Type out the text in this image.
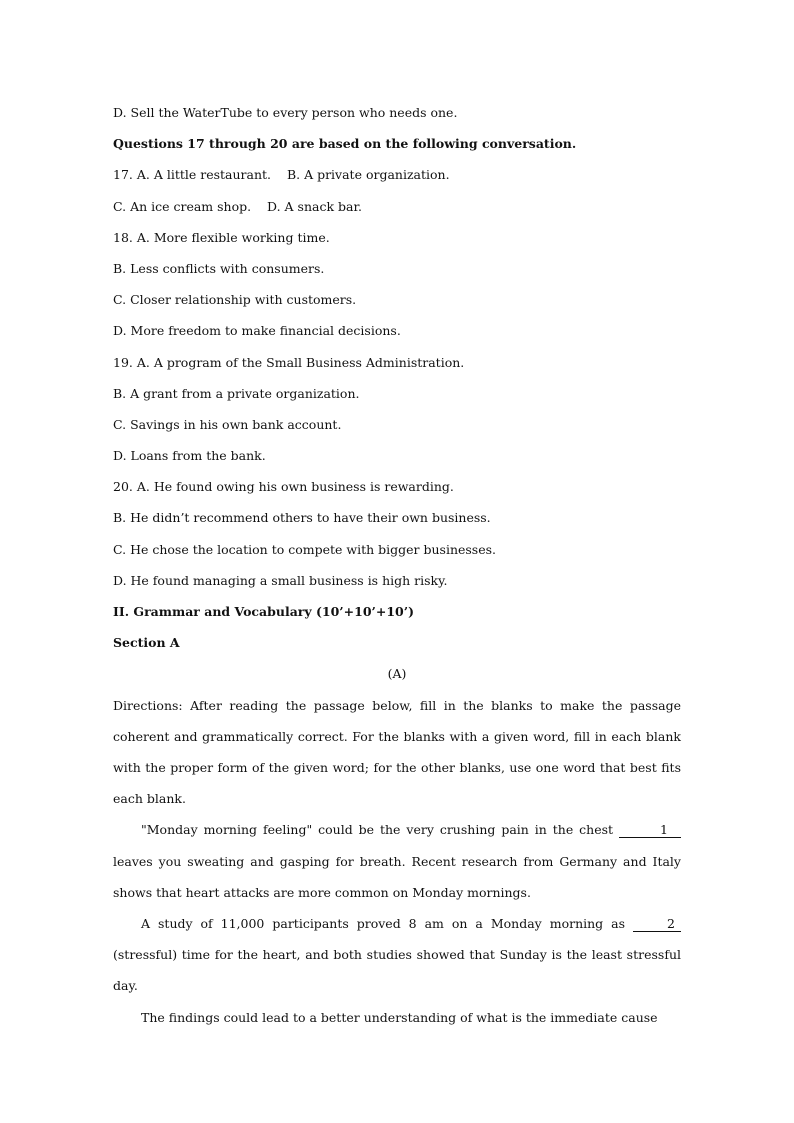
D. Sell the WaterTube to every person who needs one.
Questions 17 through 20 are based on the following conversation.
17. A. A little restaurant. B. A private organization.
C. An ice cream shop. D. A snack bar.
18. A. More flexible working time.
B. Less conflicts with consumers.
C. Closer relationship with customers.
D. More freedom to make financial decisions.
19. A. A program of the Small Business Administration.
B. A grant from a private organization.
C. Savings in his own bank account.
D. Loans from the bank.
20. A. He found owing his own business is rewarding.
B. He didn’t recommend others to have their own business.
C. He chose the location to compete with bigger businesses.
D. He found managing a small business is high risky.
II. Grammar and Vocabulary (10’+10’+10’)
Section A
(A)
Directions: After reading the passage below, fill in the blanks to make the passage coherent and grammatically correct. For the blanks with a given word, fill in each blank with the proper form of the given word; for the other blanks, use one word that best fits each blank.
"Monday morning feeling" could be the very crushing pain in the chest	1 leaves you sweating and gasping for breath. Recent research from Germany and Italy shows that heart attacks are more common on Monday mornings.
A study of 11,000 participants proved 8 am on a Monday morning as	2 (stressful) time for the heart, and both studies showed that Sunday is the least stressful day.
The findings could lead to a better understanding of what is the immediate cause
